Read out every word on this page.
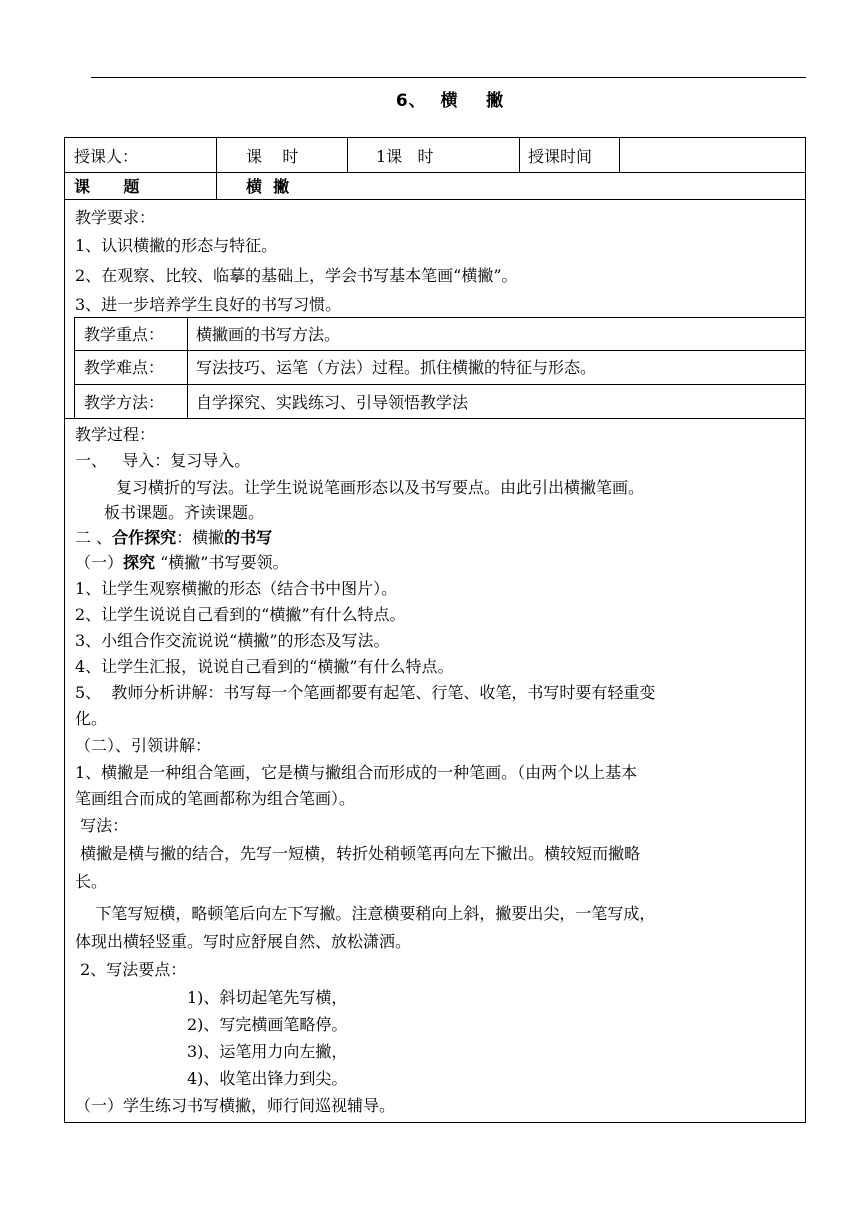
6、  横    撇
授课人：	课    时	1课   时	授课时间
课      题	横  撇
教学要求：
1、认识横撇的形态与特征。
2、在观察、比较、临摹的基础上，学会书写基本笔画“横撇”。
3、进一步培养学生良好的书写习惯。
教学重点： 横撇画的书写方法。
教学难点： 写法技巧、运笔（方法）过程。抓住横撇的特征与形态。
教学方法： 自学探究、实践练习、引导领悟教学法
教学过程：
一、   导入：复习导入。
复习横折的写法。让学生说说笔画形态以及书写要点。由此引出横撇笔画。
板书课题。齐读课题。
二 、合作探究：横撇的书写
（一）探究 “横撇”书写要领。
1、让学生观察横撇的形态（结合书中图片）。
2、让学生说说自己看到的“横撇”有什么特点。
3、小组合作交流说说“横撇”的形态及写法。
4、让学生汇报，说说自己看到的“横撇”有什么特点。
5、  教师分析讲解：书写每一个笔画都要有起笔、行笔、收笔，书写时要有轻重变
化。
（二）、引领讲解：
1、横撇是一种组合笔画，它是横与撇组合而形成的一种笔画。（由两个以上基本
笔画组合而成的笔画都称为组合笔画）。
写法：
横撇是横与撇的结合，先写一短横，转折处稍顿笔再向左下撇出。横较短而撇略
长。
下笔写短横，略顿笔后向左下写撇。注意横要稍向上斜，撇要出尖，一笔写成，
体现出横轻竖重。写时应舒展自然、放松潇洒。
2、写法要点：
1)、斜切起笔先写横，
2)、写完横画笔略停。
3)、运笔用力向左撇，
4)、收笔出锋力到尖。
（一）学生练习书写横撇，师行间巡视辅导。
